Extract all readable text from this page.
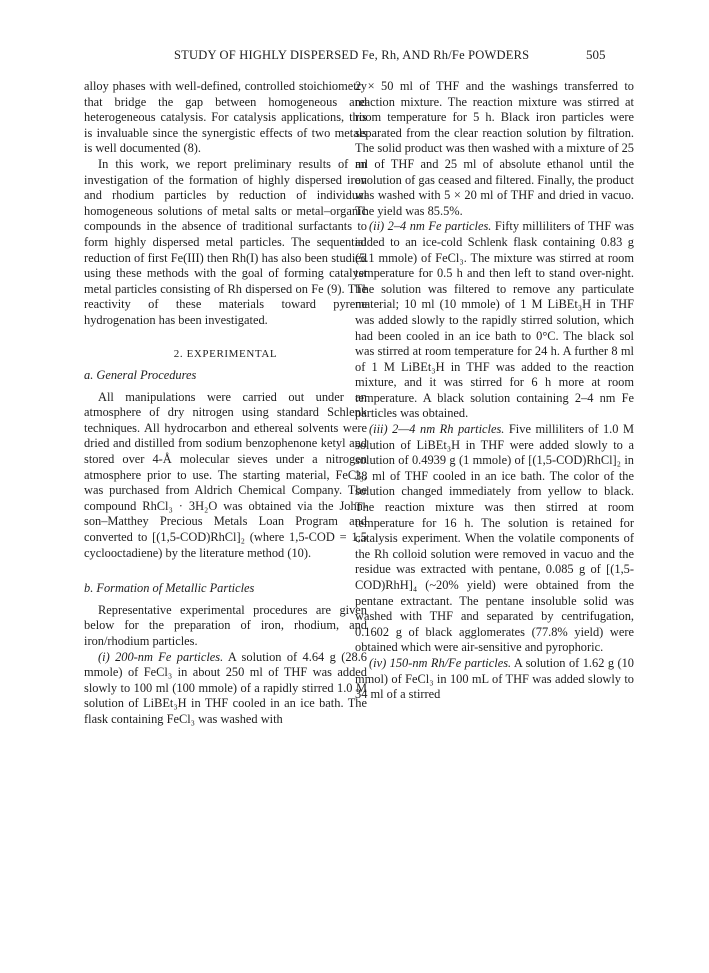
STUDY OF HIGHLY DISPERSED Fe, Rh, AND Rh/Fe POWDERS	505

alloy phases with well-defined, controlled stoichiometry that bridge the gap between homogeneous and heterogeneous catalysis. For catalysis applications, this is invaluable since the synergistic effects of two metals is well documented (8).

In this work, we report preliminary results of an investigation of the formation of highly dispersed iron and rhodium particles by reduction of individual homogeneous solutions of metal salts or metal–organic compounds in the absence of traditional surfactants to form highly dispersed metal particles. The sequential reduction of first Fe(III) then Rh(I) has also been studied using these methods with the goal of forming catalyst metal particles consisting of Rh dispersed on Fe (9). The reactivity of these materials toward pyrene hydrogenation has been investigated.

2. EXPERIMENTAL
a. General Procedures

All manipulations were carried out under an atmosphere of dry nitrogen using standard Schlenk techniques. All hydrocarbon and ethereal solvents were dried and distilled from sodium benzophenone ketyl and stored over 4-Å molecular sieves under a nitrogen atmosphere prior to use. The starting material, FeCl₃, was purchased from Aldrich Chemical Company. The compound RhCl₃ · 3H₂O was obtained via the John-son–Matthey Precious Metals Loan Program and converted to [(1,5-COD)RhCl]₂ (where 1,5-COD = 1,5 cyclooctadiene) by the literature method (10).

b. Formation of Metallic Particles

Representative experimental procedures are given below for the preparation of iron, rhodium, and iron/rhodium particles.

(i) 200-nm Fe particles. A solution of 4.64 g (28.6 mmole) of FeCl₃ in about 250 ml of THF was added slowly to 100 ml (100 mmole) of a rapidly stirred 1.0 M solution of LiBEt₃H in THF cooled in an ice bath. The flask containing FeCl₃ was washed with

2 × 50 ml of THF and the washings transferred to reaction mixture. The reaction mixture was stirred at room temperature for 5 h. Black iron particles were separated from the clear reaction solution by filtration. The solid product was then washed with a mixture of 25 ml of THF and 25 ml of absolute ethanol until the evolution of gas ceased and filtered. Finally, the product was washed with 5 × 20 ml of THF and dried in vacuo. The yield was 85.5%.

(ii) 2–4 nm Fe particles. Fifty milliliters of THF was added to an ice-cold Schlenk flask containing 0.83 g (5.1 mmole) of FeCl₃. The mixture was stirred at room temperature for 0.5 h and then left to stand over-night. The solution was filtered to remove any particulate material; 10 ml (10 mmole) of 1 M LiBEt₃H in THF was added slowly to the rapidly stirred solution, which had been cooled in an ice bath to 0°C. The black sol was stirred at room temperature for 24 h. A further 8 ml of 1 M LiBEt₃H in THF was added to the reaction mixture, and it was stirred for 6 h more at room temperature. A black solution containing 2–4 nm Fe particles was obtained.

(iii) 2—4 nm Rh particles. Five milliliters of 1.0 M solution of LiBEt₃H in THF were added slowly to a solution of 0.4939 g (1 mmole) of [(1,5-COD)RhCl]₂ in 38 ml of THF cooled in an ice bath. The color of the solution changed immediately from yellow to black. The reaction mixture was then stirred at room temperature for 16 h. The solution is retained for catalysis experiment. When the volatile components of the Rh colloid solution were removed in vacuo and the residue was extracted with pentane, 0.085 g of [(1,5-COD)RhH]₄ (~20% yield) were obtained from the pentane extractant. The pentane insoluble solid was washed with THF and separated by centrifugation, 0.1602 g of black agglomerates (77.8% yield) were obtained which were air-sensitive and pyrophoric.

(iv) 150-nm Rh/Fe particles. A solution of 1.62 g (10 mmol) of FeCl₃ in 100 mL of THF was added slowly to 34 ml of a stirred
